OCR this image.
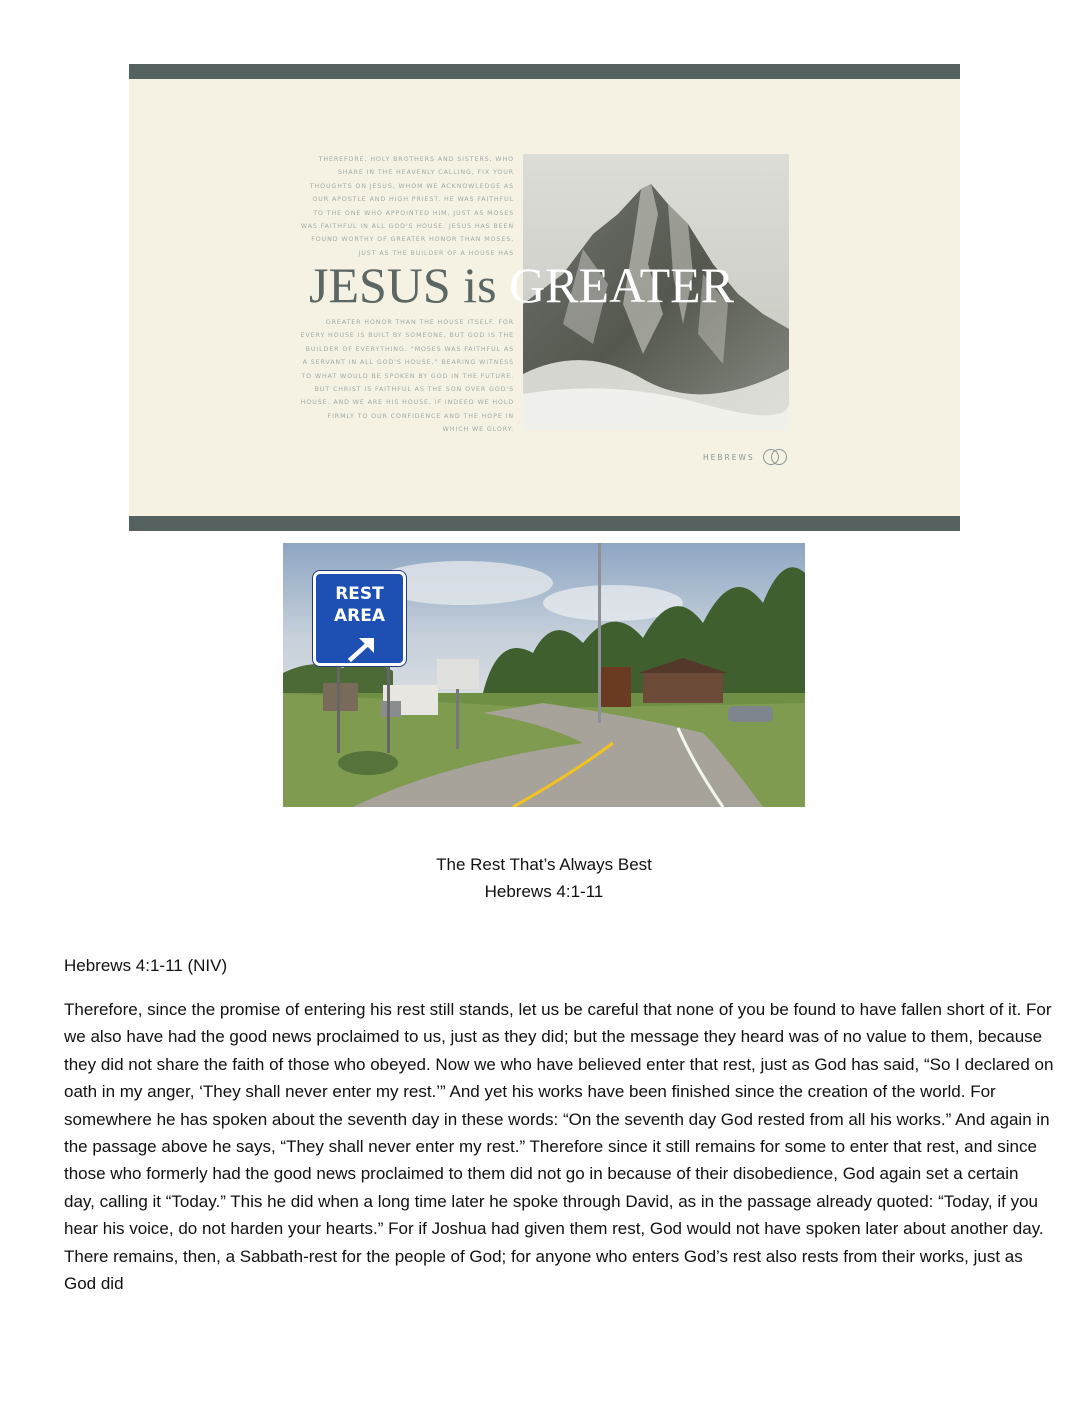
THEREFORE, HOLY BROTHERS AND SISTERS, WHO SHARE IN THE HEAVENLY CALLING, FIX YOUR THOUGHTS ON JESUS, WHOM WE ACKNOWLEDGE AS OUR APOSTLE AND HIGH PRIEST. HE WAS FAITHFUL TO THE ONE WHO APPOINTED HIM, JUST AS MOSES WAS FAITHFUL IN ALL GOD'S HOUSE. JESUS HAS BEEN FOUND WORTHY OF GREATER HONOR THAN MOSES, JUST AS THE BUILDER OF A HOUSE HAS
JESUS is GREATER
GREATER HONOR THAN THE HOUSE ITSELF. FOR EVERY HOUSE IS BUILT BY SOMEONE, BUT GOD IS THE BUILDER OF EVERYTHING. “MOSES WAS FAITHFUL AS A SERVANT IN ALL GOD'S HOUSE,” BEARING WITNESS TO WHAT WOULD BE SPOKEN BY GOD IN THE FUTURE. BUT CHRIST IS FAITHFUL AS THE SON OVER GOD'S HOUSE. AND WE ARE HIS HOUSE, IF INDEED WE HOLD FIRMLY TO OUR CONFIDENCE AND THE HOPE IN WHICH WE GLORY.
HEBREWS
REST
AREA
The Rest That’s Always Best
Hebrews 4:1-11
Hebrews 4:1-11 (NIV)
Therefore, since the promise of entering his rest still stands, let us be careful that none of you be found to have fallen short of it. For we also have had the good news proclaimed to us, just as they did; but the message they heard was of no value to them, because they did not share the faith of those who obeyed. Now we who have believed enter that rest, just as God has said, “So I declared on oath in my anger, ‘They shall never enter my rest.’” And yet his works have been finished since the creation of the world. For somewhere he has spoken about the seventh day in these words: “On the seventh day God rested from all his works.” And again in the passage above he says, “They shall never enter my rest.” Therefore since it still remains for some to enter that rest, and since those who formerly had the good news proclaimed to them did not go in because of their disobedience, God again set a certain day, calling it “Today.” This he did when a long time later he spoke through David, as in the passage already quoted: “Today, if you hear his voice, do not harden your hearts.” For if Joshua had given them rest, God would not have spoken later about another day. There remains, then, a Sabbath-rest for the people of God; for anyone who enters God’s rest also rests from their works, just as God did
